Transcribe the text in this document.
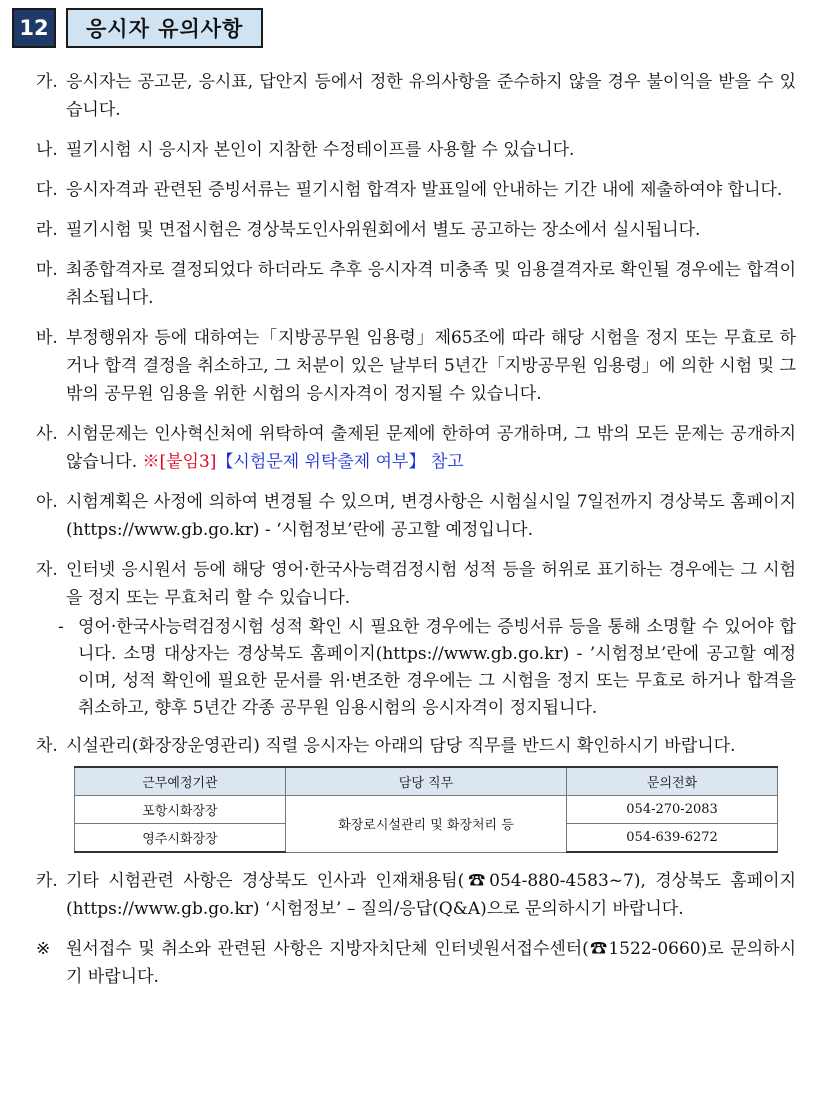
12	응시자 유의사항
가. 응시자는 공고문, 응시표, 답안지 등에서 정한 유의사항을 준수하지 않을 경우 불이익을 받을 수 있습니다.
나. 필기시험 시 응시자 본인이 지참한 수정테이프를 사용할 수 있습니다.
다. 응시자격과 관련된 증빙서류는 필기시험 합격자 발표일에 안내하는 기간 내에 제출하여야 합니다.
라. 필기시험 및 면접시험은 경상북도인사위원회에서 별도 공고하는 장소에서 실시됩니다.
마. 최종합격자로 결정되었다 하더라도 추후 응시자격 미충족 및 임용결격자로 확인될 경우에는 합격이 취소됩니다.
바. 부정행위자 등에 대하여는「지방공무원 임용령」제65조에 따라 해당 시험을 정지 또는 무효로 하거나 합격 결정을 취소하고, 그 처분이 있은 날부터 5년간「지방공무원 임용령」에 의한 시험 및 그 밖의 공무원 임용을 위한 시험의 응시자격이 정지될 수 있습니다.
사. 시험문제는 인사혁신처에 위탁하여 출제된 문제에 한하여 공개하며, 그 밖의 모든 문제는 공개하지 않습니다. ※[붙임3]【시험문제 위탁출제 여부】 참고
아. 시험계획은 사정에 의하여 변경될 수 있으며, 변경사항은 시험실시일 7일전까지 경상북도 홈페이지(https://www.gb.go.kr) - ‘시험정보’란에 공고할 예정입니다.
자. 인터넷 응시원서 등에 해당 영어·한국사능력검정시험 성적 등을 허위로 표기하는 경우에는 그 시험을 정지 또는 무효처리 할 수 있습니다.
- 영어·한국사능력검정시험 성적 확인 시 필요한 경우에는 증빙서류 등을 통해 소명할 수 있어야 합니다. 소명 대상자는 경상북도 홈페이지(https://www.gb.go.kr) - ’시험정보’란에 공고할 예정이며, 성적 확인에 필요한 문서를 위·변조한 경우에는 그 시험을 정지 또는 무효로 하거나 합격을 취소하고, 향후 5년간 각종 공무원 임용시험의 응시자격이 정지됩니다.
차. 시설관리(화장장운영관리) 직렬 응시자는 아래의 담당 직무를 반드시 확인하시기 바랍니다.
근무예정기관	담당 직무	문의전화
포항시화장장	화장로시설관리 및 화장처리 등	054-270-2083
영주시화장장		054-639-6272
카. 기타 시험관련 사항은 경상북도 인사과 인재채용팀(☎054-880-4583~7), 경상북도 홈페이지(https://www.gb.go.kr) ‘시험정보’ – 질의/응답(Q&A)으로 문의하시기 바랍니다.
※ 원서접수 및 취소와 관련된 사항은 지방자치단체 인터넷원서접수센터(☎1522-0660)로 문의하시기 바랍니다.
